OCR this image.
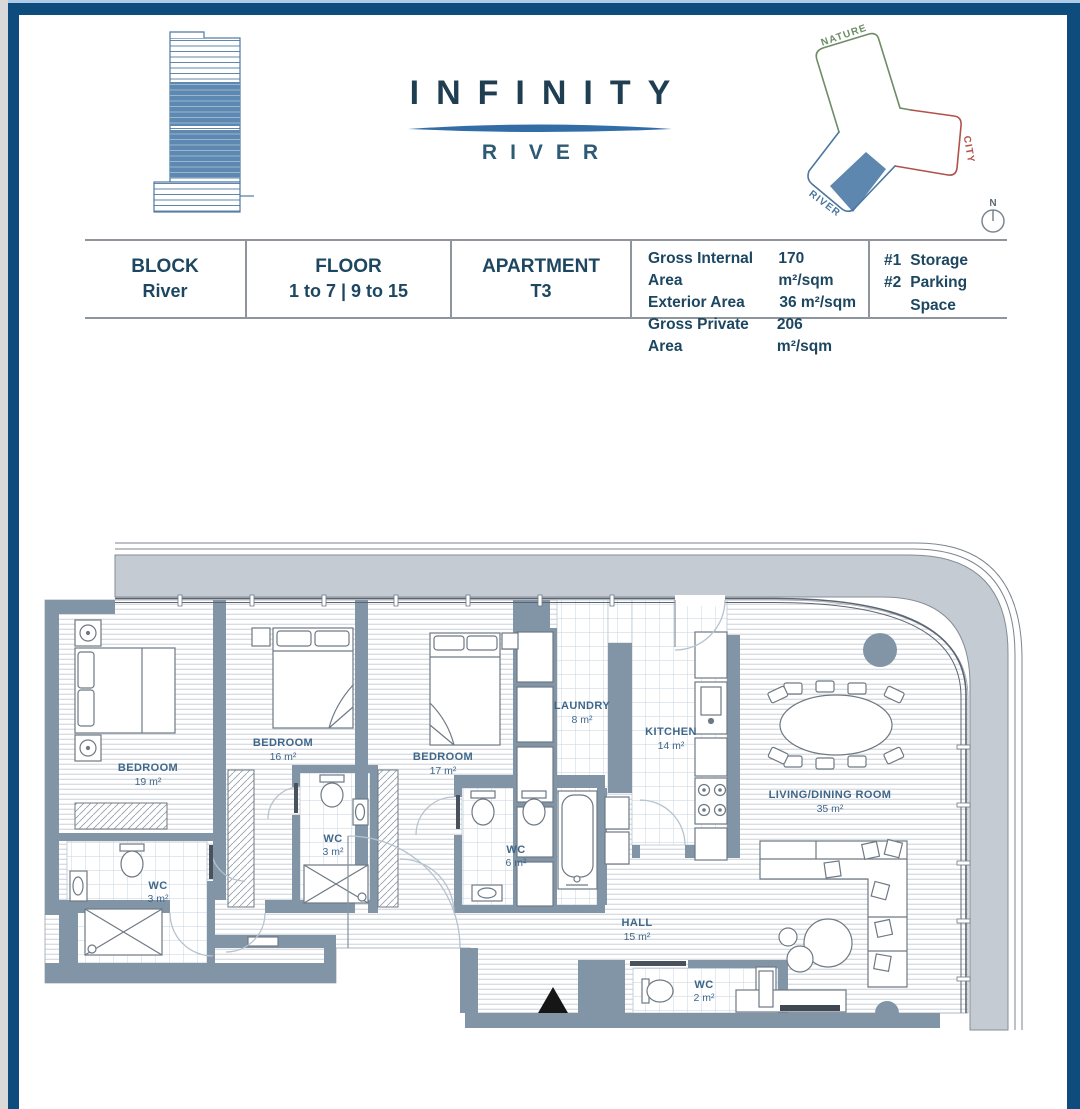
INFINITY
RIVER
NATURE
CITY
RIVER	N
BLOCK
River
FLOOR
1 to 7 | 9 to 15
APARTMENT
T3
Gross Internal Area
170 m²/sqm
Exterior Area 36 m²/sqm
Gross Private Area
206 m²/sqm
#1 Storage
#2 Parking Space
BEDROOM
19 m²
BEDROOM
16 m²	BEDROOM
17 m²
LAUNDRY
8 m²
KITCHEN
14 m²
LIVING/DINING ROOM
35 m²
WC
3 m²
WC
3 m²	WC
6 m²
HALL
15 m²
WC
2 m²
